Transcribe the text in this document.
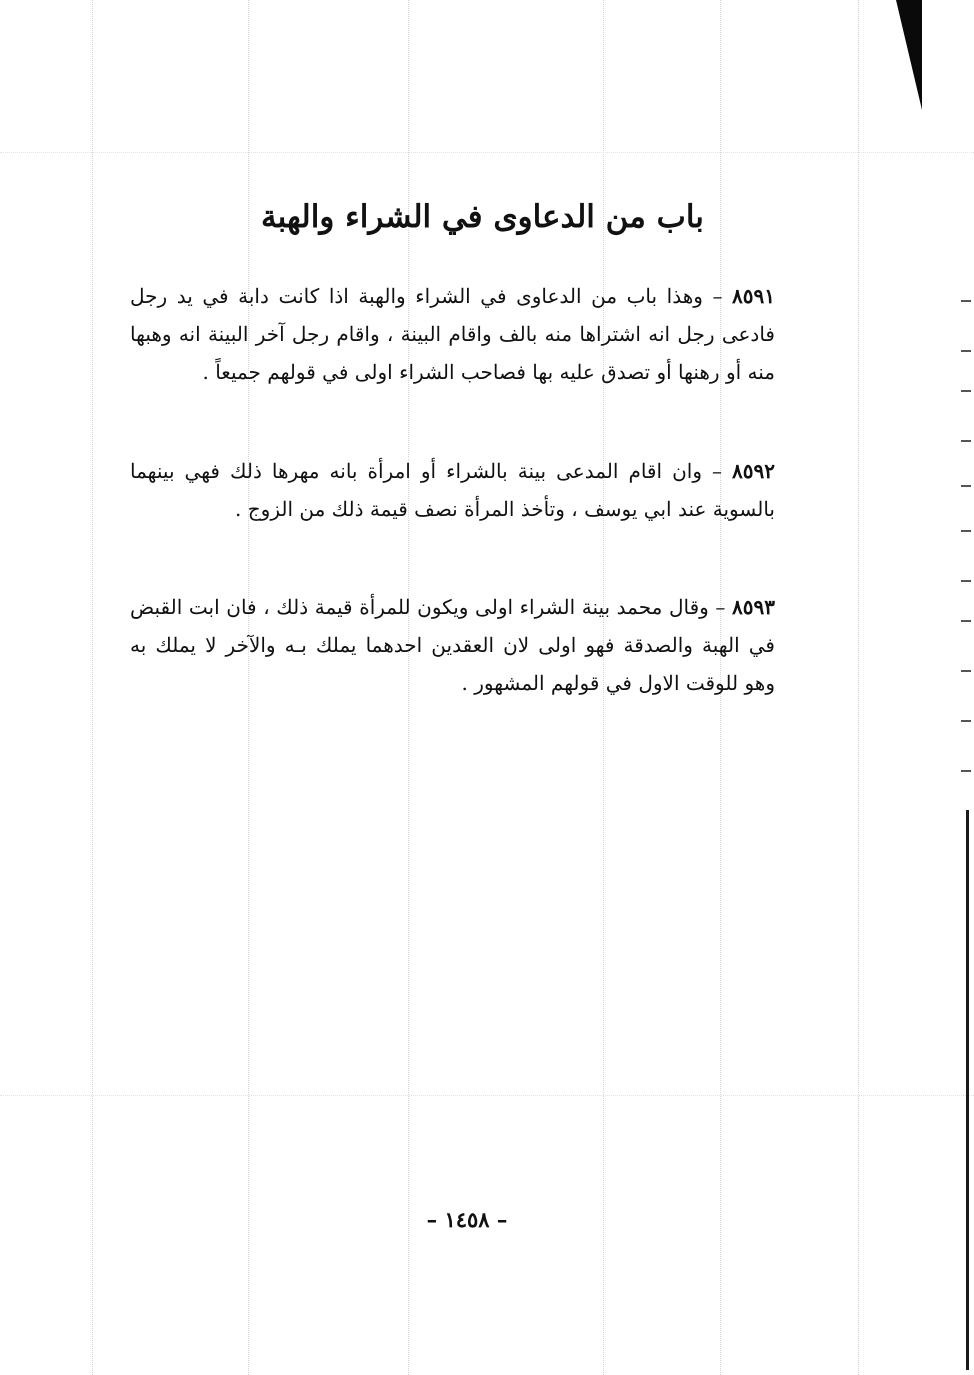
باب من الدعاوى في الشراء والهبة
٨٥٩١ – وهذا باب من الدعاوى في الشراء والهبة اذا كانت دابة في يد رجل فادعى رجل انه اشتراها منه بالف واقام البينة ، واقام رجل آخر البينة انه وهبها منه أو رهنها أو تصدق عليه بها فصاحب الشراء اولى في قولهم جميعاً .
٨٥٩٢ – وان اقام المدعى بينة بالشراء أو امرأة بانه مهرها ذلك فهي بينهما بالسوية عند ابي يوسف ، وتأخذ المرأة نصف قيمة ذلك من الزوج .
٨٥٩٣ – وقال محمد بينة الشراء اولى ويكون للمرأة قيمة ذلك ، فان ابت القبض في الهبة والصدقة فهو اولى لان العقدين احدهما يملك بـه والآخر لا يملك به وهو للوقت الاول في قولهم المشهور .
– ١٤٥٨ –
